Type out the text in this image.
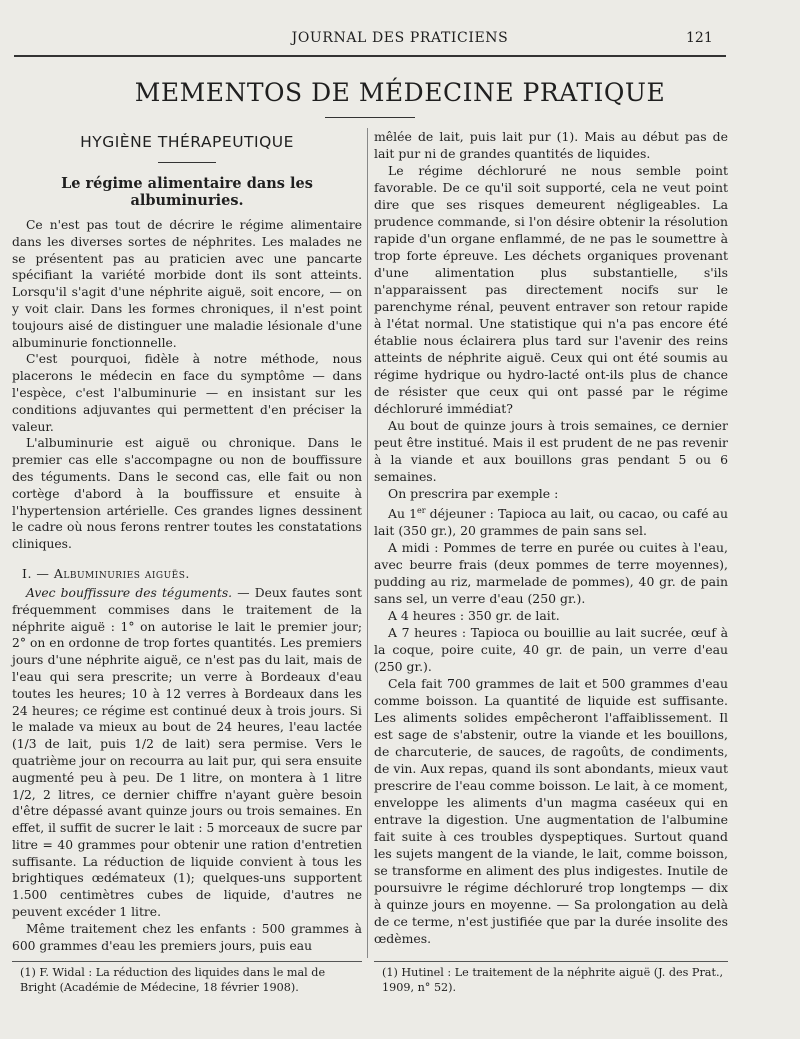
JOURNAL DES PRATICIENS	121
MEMENTOS DE MÉDECINE PRATIQUE
HYGIÈNE THÉRAPEUTIQUE
Le régime alimentaire dans les albuminuries.

Ce n'est pas tout de décrire le régime alimentaire dans les diverses sortes de néphrites. Les malades ne se présentent pas au praticien avec une pancarte spécifiant la variété morbide dont ils sont atteints. Lorsqu'il s'agit d'une néphrite aiguë, soit encore, — on y voit clair. Dans les formes chroniques, il n'est point toujours aisé de distinguer une maladie lésionale d'une albuminurie fonctionnelle.

C'est pourquoi, fidèle à notre méthode, nous placerons le médecin en face du symptôme — dans l'espèce, c'est l'albuminurie — en insistant sur les conditions adjuvantes qui permettent d'en préciser la valeur.

L'albuminurie est aiguë ou chronique. Dans le premier cas elle s'accompagne ou non de bouffissure des téguments. Dans le second cas, elle fait ou non cortège d'abord à la bouffissure et ensuite à l'hypertension artérielle. Ces grandes lignes dessinent le cadre où nous ferons rentrer toutes les constatations cliniques.

I. — Albuminuries aiguës.

Avec bouffissure des téguments. — Deux fautes sont fréquemment commises dans le traitement de la néphrite aiguë : 1° on autorise le lait le premier jour; 2° on en ordonne de trop fortes quantités. Les premiers jours d'une néphrite aiguë, ce n'est pas du lait, mais de l'eau qui sera prescrite; un verre à Bordeaux d'eau toutes les heures; 10 à 12 verres à Bordeaux dans les 24 heures; ce régime est continué deux à trois jours. Si le malade va mieux au bout de 24 heures, l'eau lactée (1/3 de lait, puis 1/2 de lait) sera permise. Vers le quatrième jour on recourra au lait pur, qui sera ensuite augmenté peu à peu. De 1 litre, on montera à 1 litre 1/2, 2 litres, ce dernier chiffre n'ayant guère besoin d'être dépassé avant quinze jours ou trois semaines. En effet, il suffit de sucrer le lait : 5 morceaux de sucre par litre = 40 grammes pour obtenir une ration d'entretien suffisante. La réduction de liquide convient à tous les brightiques œdémateux (1); quelques-uns supportent 1.500 centimètres cubes de liquide, d'autres ne peuvent excéder 1 litre.

Même traitement chez les enfants : 500 grammes à 600 grammes d'eau les premiers jours, puis eau

mêlée de lait, puis lait pur (1). Mais au début pas de lait pur ni de grandes quantités de liquides.

Le régime déchloruré ne nous semble point favorable. De ce qu'il soit supporté, cela ne veut point dire que ses risques demeurent négligeables. La prudence commande, si l'on désire obtenir la résolution rapide d'un organe enflammé, de ne pas le soumettre à trop forte épreuve. Les déchets organiques provenant d'une alimentation plus substantielle, s'ils n'apparaissent pas directement nocifs sur le parenchyme rénal, peuvent entraver son retour rapide à l'état normal. Une statistique qui n'a pas encore été établie nous éclairera plus tard sur l'avenir des reins atteints de néphrite aiguë. Ceux qui ont été soumis au régime hydrique ou hydro-lacté ont-ils plus de chance de résister que ceux qui ont passé par le régime déchloruré immédiat?

Au bout de quinze jours à trois semaines, ce dernier peut être institué. Mais il est prudent de ne pas revenir à la viande et aux bouillons gras pendant 5 ou 6 semaines.

On prescrira par exemple :

Au 1er déjeuner : Tapioca au lait, ou cacao, ou café au lait (350 gr.), 20 grammes de pain sans sel.

A midi : Pommes de terre en purée ou cuites à l'eau, avec beurre frais (deux pommes de terre moyennes), pudding au riz, marmelade de pommes), 40 gr. de pain sans sel, un verre d'eau (250 gr.).

A 4 heures : 350 gr. de lait.

A 7 heures : Tapioca ou bouillie au lait sucrée, œuf à la coque, poire cuite, 40 gr. de pain, un verre d'eau (250 gr.).

Cela fait 700 grammes de lait et 500 grammes d'eau comme boisson. La quantité de liquide est suffisante. Les aliments solides empêcheront l'affaiblissement. Il est sage de s'abstenir, outre la viande et les bouillons, de charcuterie, de sauces, de ragoûts, de condiments, de vin. Aux repas, quand ils sont abondants, mieux vaut prescrire de l'eau comme boisson. Le lait, à ce moment, enveloppe les aliments d'un magma caséeux qui en entrave la digestion. Une augmentation de l'albumine fait suite à ces troubles dyspeptiques. Surtout quand les sujets mangent de la viande, le lait, comme boisson, se transforme en aliment des plus indigestes. Inutile de poursuivre le régime déchloruré trop longtemps — dix à quinze jours en moyenne. — Sa prolongation au delà de ce terme, n'est justifiée que par la durée insolite des œdèmes.

(1) F. Widal : La réduction des liquides dans le mal de Bright (Académie de Médecine, 18 février 1908).
(1) Hutinel : Le traitement de la néphrite aiguë (J. des Prat., 1909, n° 52).
